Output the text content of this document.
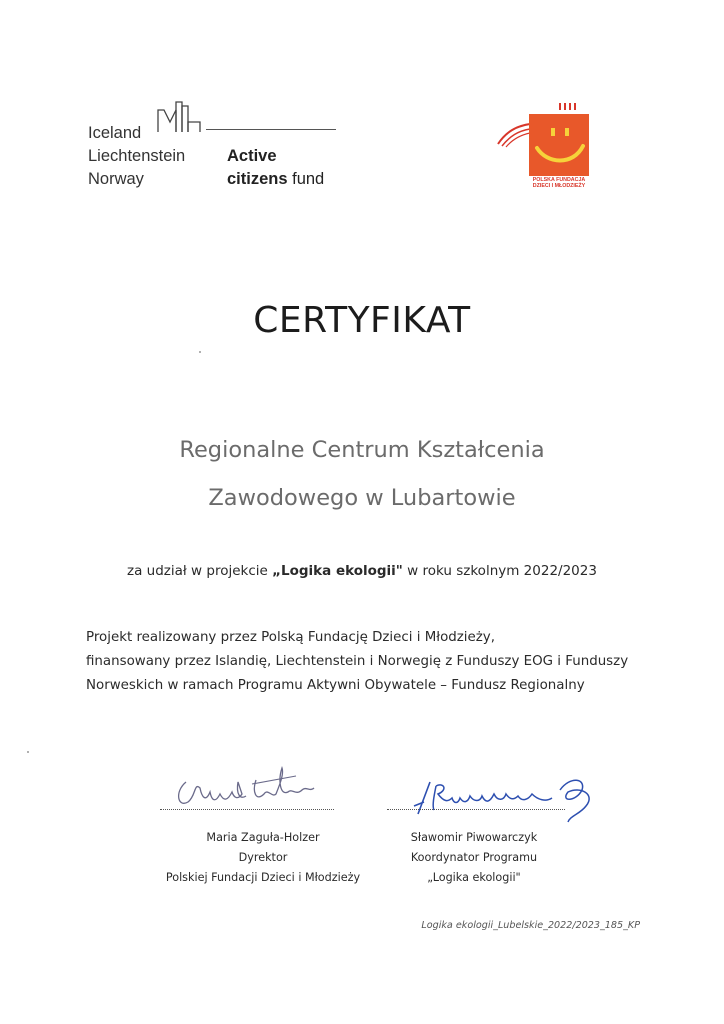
Iceland
Liechtenstein
Norway
Active
citizens fund	POLSKA FUNDACJA
DZIECI I MŁODZIEŻY
CERTYFIKAT
Regionalne Centrum Kształcenia
Zawodowego w Lubartowie
za udział w projekcie „Logika ekologii" w roku szkolnym 2022/2023
Projekt realizowany przez Polską Fundację Dzieci i Młodzieży,
finansowany przez Islandię, Liechtenstein i Norwegię z Funduszy EOG i Funduszy
Norweskich w ramach Programu Aktywni Obywatele – Fundusz Regionalny
Maria Zaguła-Holzer
Dyrektor
Polskiej Fundacji Dzieci i Młodzieży
Sławomir Piwowarczyk
Koordynator Programu
„Logika ekologii"
Logika ekologii_Lubelskie_2022/2023_185_KP
